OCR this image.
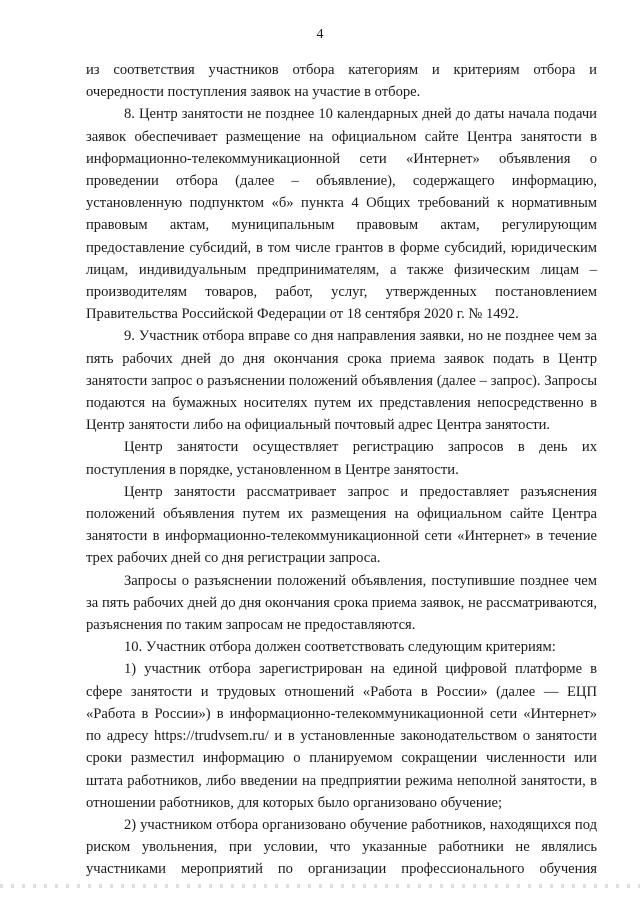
4

из соответствия участников отбора категориям и критериям отбора и очередности поступления заявок на участие в отборе.

8. Центр занятости не позднее 10 календарных дней до даты начала подачи заявок обеспечивает размещение на официальном сайте Центра занятости в информационно-телекоммуникационной сети «Интернет» объявления о проведении отбора (далее – объявление), содержащего информацию, установленную подпунктом «б» пункта 4 Общих требований к нормативным правовым актам, муниципальным правовым актам, регулирующим предоставление субсидий, в том числе грантов в форме субсидий, юридическим лицам, индивидуальным предпринимателям, а также физическим лицам – производителям товаров, работ, услуг, утвержденных постановлением Правительства Российской Федерации от 18 сентября 2020 г. № 1492.

9. Участник отбора вправе со дня направления заявки, но не позднее чем за пять рабочих дней до дня окончания срока приема заявок подать в Центр занятости запрос о разъяснении положений объявления (далее – запрос). Запросы подаются на бумажных носителях путем их представления непосредственно в Центр занятости либо на официальный почтовый адрес Центра занятости.

Центр занятости осуществляет регистрацию запросов в день их поступления в порядке, установленном в Центре занятости.

Центр занятости рассматривает запрос и предоставляет разъяснения положений объявления путем их размещения на официальном сайте Центра занятости в информационно-телекоммуникационной сети «Интернет» в течение трех рабочих дней со дня регистрации запроса.

Запросы о разъяснении положений объявления, поступившие позднее чем за пять рабочих дней до дня окончания срока приема заявок, не рассматриваются, разъяснения по таким запросам не предоставляются.

10. Участник отбора должен соответствовать следующим критериям:

1) участник отбора зарегистрирован на единой цифровой платформе в сфере занятости и трудовых отношений «Работа в России» (далее — ЕЦП «Работа в России») в информационно-телекоммуникационной сети «Интернет» по адресу https://trudvsem.ru/ и в установленные законодательством о занятости сроки разместил информацию о планируемом сокращении численности или штата работников, либо введении на предприятии режима неполной занятости, в отношении работников, для которых было организовано обучение;

2) участником отбора организовано обучение работников, находящихся под риском увольнения, при условии, что указанные работники не являлись участниками мероприятий по организации профессионального обучения
